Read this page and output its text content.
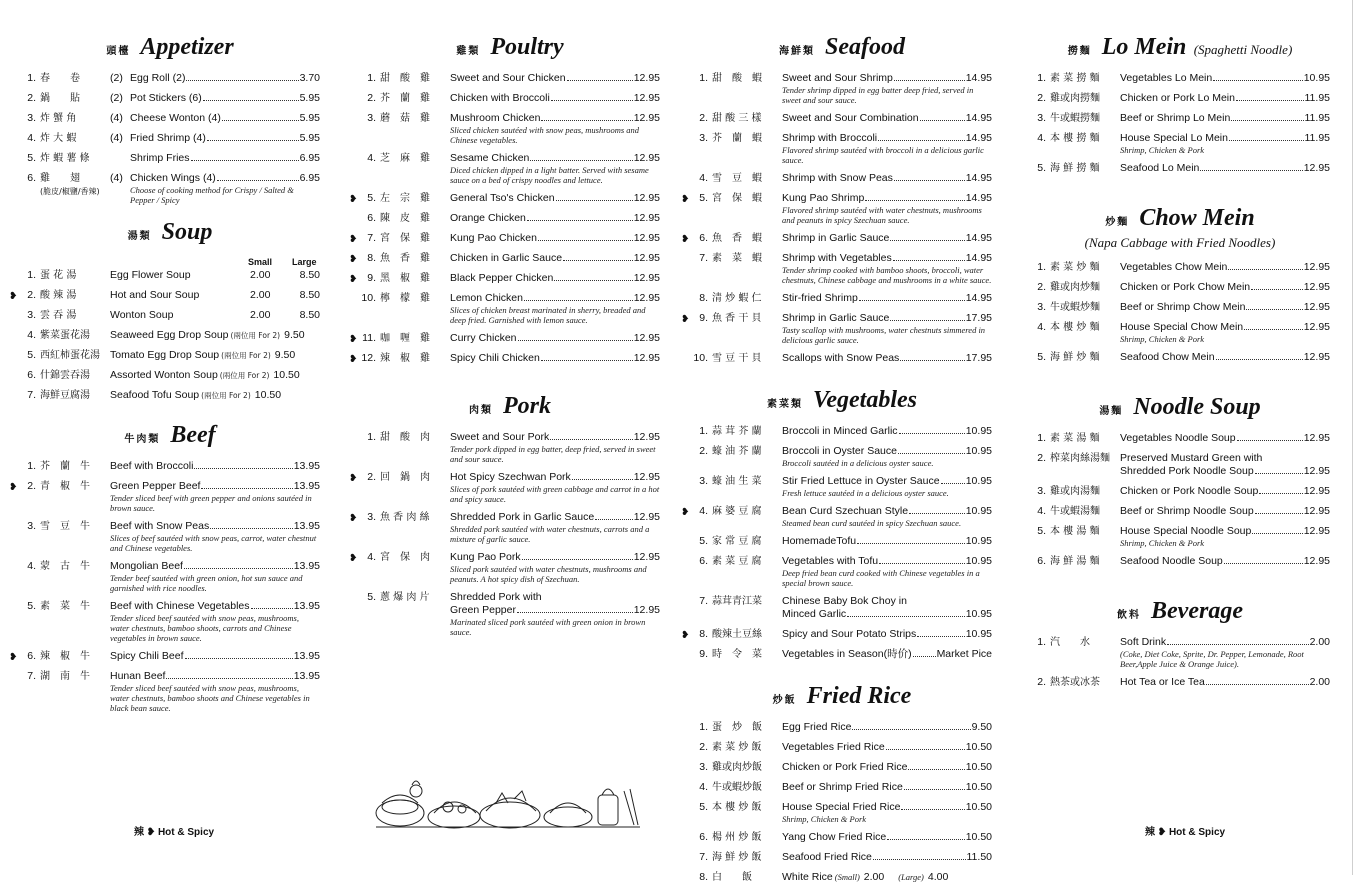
頭檯 Appetizer
1. 春　　卷	(2) Egg Roll (2)	3.70
2. 鍋　　貼	(2) Pot Stickers (6)	5.95
3. 炸 蟹 角	(4) Cheese Wonton (4)	5.95
4. 炸 大 蝦	(4) Fried Shrimp (4)	5.95
5. 炸 蝦 薯 條	Shrimp Fries	6.95
6. 雞　　翅	(4) Chicken Wings (4)	6.95
Choose of cooking method for Crispy / Salted & Pepper / Spicy
(脆皮/椒鹽/香辣)
湯類 Soup
Small Large
1. 蛋 花 湯	Egg Flower Soup	2.00	8.50
❥ 2. 酸 辣 湯	Hot and Sour Soup	2.00	8.50
3. 雲 吞 湯	Wonton Soup	2.00	8.50
4. 紫菜蛋花湯	Seaweed Egg Drop Soup (兩位用 For 2) 9.50
5. 西紅柿蛋花湯 Tomato Egg Drop Soup (兩位用 For 2) 9.50
6. 什錦雲吞湯	Assorted Wonton Soup (兩位用 For 2) 10.50
7. 海鮮豆腐湯	Seafood Tofu Soup (兩位用 For 2) 10.50
牛肉類 Beef
1. 芥　蘭　牛	Beef with Broccoli	13.95
❥ 2. 青　椒　牛	Green Pepper Beef	13.95
Tender sliced beef with green pepper and onions sautéed in brown sauce.
3. 雪　豆　牛	Beef with Snow Peas	13.95
Slices of beef sautéed with snow peas, carrot, water chestnut and Chinese vegetables.
4. 蒙　古　牛	Mongolian Beef	13.95
Tender beef sautéed with green onion, hot sun sauce and garnished with rice noodles.
5. 素　菜　牛	Beef with Chinese Vegetables	13.95
Tender sliced beef sautéed with snow peas, mushrooms, water chestnuts, bamboo shoots, carrots and Chinese vegetables in brown sauce.
❥ 6. 辣　椒　牛	Spicy Chili Beef	13.95
7. 湖　南　牛	Hunan Beef	13.95
Tender sliced beef sautéed with snow peas, mushrooms, water chestnuts, bamboo shoots and Chinese vegetables in black bean sauce.
雞類 Poultry
1. 甜　酸　雞	Sweet and Sour Chicken	12.95
2. 芥　蘭　雞	Chicken with Broccoli	12.95
3. 蘑　菇　雞	Mushroom Chicken	12.95
Sliced chicken sautéed with snow peas, mushrooms and Chinese vegetables.
4. 芝　麻　雞	Sesame Chicken	12.95
Diced chicken dipped in a light batter. Served with sesame sauce on a bed of crispy noodles and lettuce.
❥ 5. 左　宗　雞	General Tso's Chicken	12.95
6. 陳　皮　雞	Orange Chicken	12.95
❥ 7. 宮　保　雞	Kung Pao Chicken	12.95
❥ 8. 魚　香　雞	Chicken in Garlic Sauce	12.95
❥ 9. 黑　椒　雞	Black Pepper Chicken	12.95
10. 檸　檬　雞	Lemon Chicken	12.95
Slices of chicken breast marinated in sherry, breaded and deep fried. Garnished with lemon sauce.
❥ 11. 咖　喱　雞	Curry Chicken	12.95
❥ 12. 辣　椒　雞	Spicy Chili Chicken	12.95
肉類 Pork
1. 甜　酸　肉	Sweet and Sour Pork	12.95
Tender pork dipped in egg batter, deep fried, served in sweet and sour sauce.
❥ 2. 回　鍋　肉	Hot Spicy Szechwan Pork	12.95
Slices of pork sautéed with green cabbage and carrot in a hot and spicy sauce.
❥ 3. 魚 香 肉 絲	Shredded Pork in Garlic Sauce	12.95
Shredded pork sautéed with water chestnuts, carrots and a mixture of garlic sauce.
❥ 4. 宮　保　肉	Kung Pao Pork	12.95
Sliced pork sautéed with water chestnuts, mushrooms and peanuts. A hot spicy dish of Szechuan.
5. 蔥 爆 肉 片	Shredded Pork with
Green Pepper	12.95
Marinated sliced pork sautéed with green onion in brown sauce.
海鮮類 Seafood
1. 甜　酸　蝦	Sweet and Sour Shrimp	14.95
Tender shrimp dipped in egg batter deep fried, served in sweet and sour sauce.
2. 甜 酸 三 樣	Sweet and Sour Combination	14.95
3. 芥　蘭　蝦	Shrimp with Broccoli	14.95
Flavored shrimp sautéed with broccoli in a delicious garlic sauce.
4. 雪　豆　蝦	Shrimp with Snow Peas	14.95
❥ 5. 宮　保　蝦	Kung Pao Shrimp	14.95
Flavored shrimp sautéed with water chestnuts, mushrooms and peanuts in spicy Szechuan sauce.
❥ 6. 魚　香　蝦	Shrimp in Garlic Sauce	14.95
7. 素　菜　蝦	Shrimp with Vegetables	14.95
Tender shrimp cooked with bamboo shoots, broccoli, water chestnuts, Chinese cabbage and mushrooms in a white sauce.
8. 清 炒 蝦 仁	Stir-fried Shrimp	14.95
❥ 9. 魚 香 干 貝	Shrimp in Garlic Sauce	17.95
Tasty scallop with mushrooms, water chestnuts simmered in delicious garlic sauce.
10. 雪 豆 干 貝	Scallops with Snow Peas	17.95
素菜類 Vegetables
1. 蒜 茸 芥 蘭	Broccoli in Minced Garlic	10.95
2. 蠔 油 芥 蘭	Broccoli in Oyster Sauce	10.95
Broccoli sautéed in a delicious oyster sauce.
3. 蠔 油 生 菜	Stir Fried Lettuce in Oyster Sauce 10.95
Fresh lettuce sautéed in a delicious oyster sauce.
❥ 4. 麻 婆 豆 腐	Bean Curd Szechuan Style	10.95
Steamed bean curd sautéed in spicy Szechuan sauce.
5. 家 常 豆 腐	HomemadeTofu	10.95
6. 素 菜 豆 腐	Vegetables with Tofu	10.95
Deep fried bean curd cooked with Chinese vegetables in a special brown sauce.
7. 蒜茸青江菜	Chinese Baby Bok Choy in
Minced Garlic	10.95
❥ 8. 酸辣土豆絲	Spicy and Sour Potato Strips	10.95
9. 時　令　菜	Vegetables in Season(時价) Market Pice
炒飯 Fried Rice
1. 蛋　炒　飯	Egg Fried Rice	9.50
2. 素 菜 炒 飯	Vegetables Fried Rice	10.50
3. 雞或肉炒飯	Chicken or Pork Fried Rice	10.50
4. 牛或蝦炒飯	Beef or Shrimp Fried Rice	10.50
5. 本 樓 炒 飯	House Special Fried Rice	10.50
Shrimp, Chicken & Pork
6. 楊 州 炒 飯	Yang Chow Fried Rice	10.50
7. 海 鮮 炒 飯	Seafood Fried Rice	11.50
8. 白　　飯	White Rice (Small) 2.00 (Large) 4.00
撈麵 Lo Mein (Spaghetti Noodle)
1. 素 菜 撈 麵	Vegetables Lo Mein	10.95
2. 雞或肉撈麵	Chicken or Pork Lo Mein	11.95
3. 牛或蝦撈麵	Beef or Shrimp Lo Mein	11.95
4. 本 樓 撈 麵	House Special Lo Mein	11.95
Shrimp, Chicken & Pork
5. 海 鮮 撈 麵	Seafood Lo Mein	12.95
炒麵 Chow Mein
(Napa Cabbage with Fried Noodles)
1. 素 菜 炒 麵	Vegetables Chow Mein	12.95
2. 雞或肉炒麵	Chicken or Pork Chow Mein	12.95
3. 牛或蝦炒麵	Beef or Shrimp Chow Mein	12.95
4. 本 樓 炒 麵	House Special Chow Mein	12.95
Shrimp, Chicken & Pork
5. 海 鮮 炒 麵	Seafood Chow Mein	12.95
湯麵 Noodle Soup
1. 素 菜 湯 麵	Vegetables Noodle Soup	12.95
2. 榨菜肉絲湯麵 Preserved Mustard Green with
Shredded Pork Noodle Soup	12.95
3. 雞或肉湯麵	Chicken or Pork Noodle Soup	12.95
4. 牛或蝦湯麵	Beef or Shrimp Noodle Soup	12.95
5. 本 樓 湯 麵	House Special Noodle Soup	12.95
Shrimp, Chicken & Pork
6. 海 鮮 湯 麵	Seafood Noodle Soup	12.95
飲料 Beverage
1. 汽　　水	Soft Drink	2.00
(Coke, Diet Coke, Sprite, Dr. Pepper, Lemonade, Root Beer,Apple Juice & Orange Juice).
2. 熱茶或冰茶	Hot Tea or Ice Tea	2.00
辣 ❥ Hot & Spicy	辣 ❥ Hot & Spicy
